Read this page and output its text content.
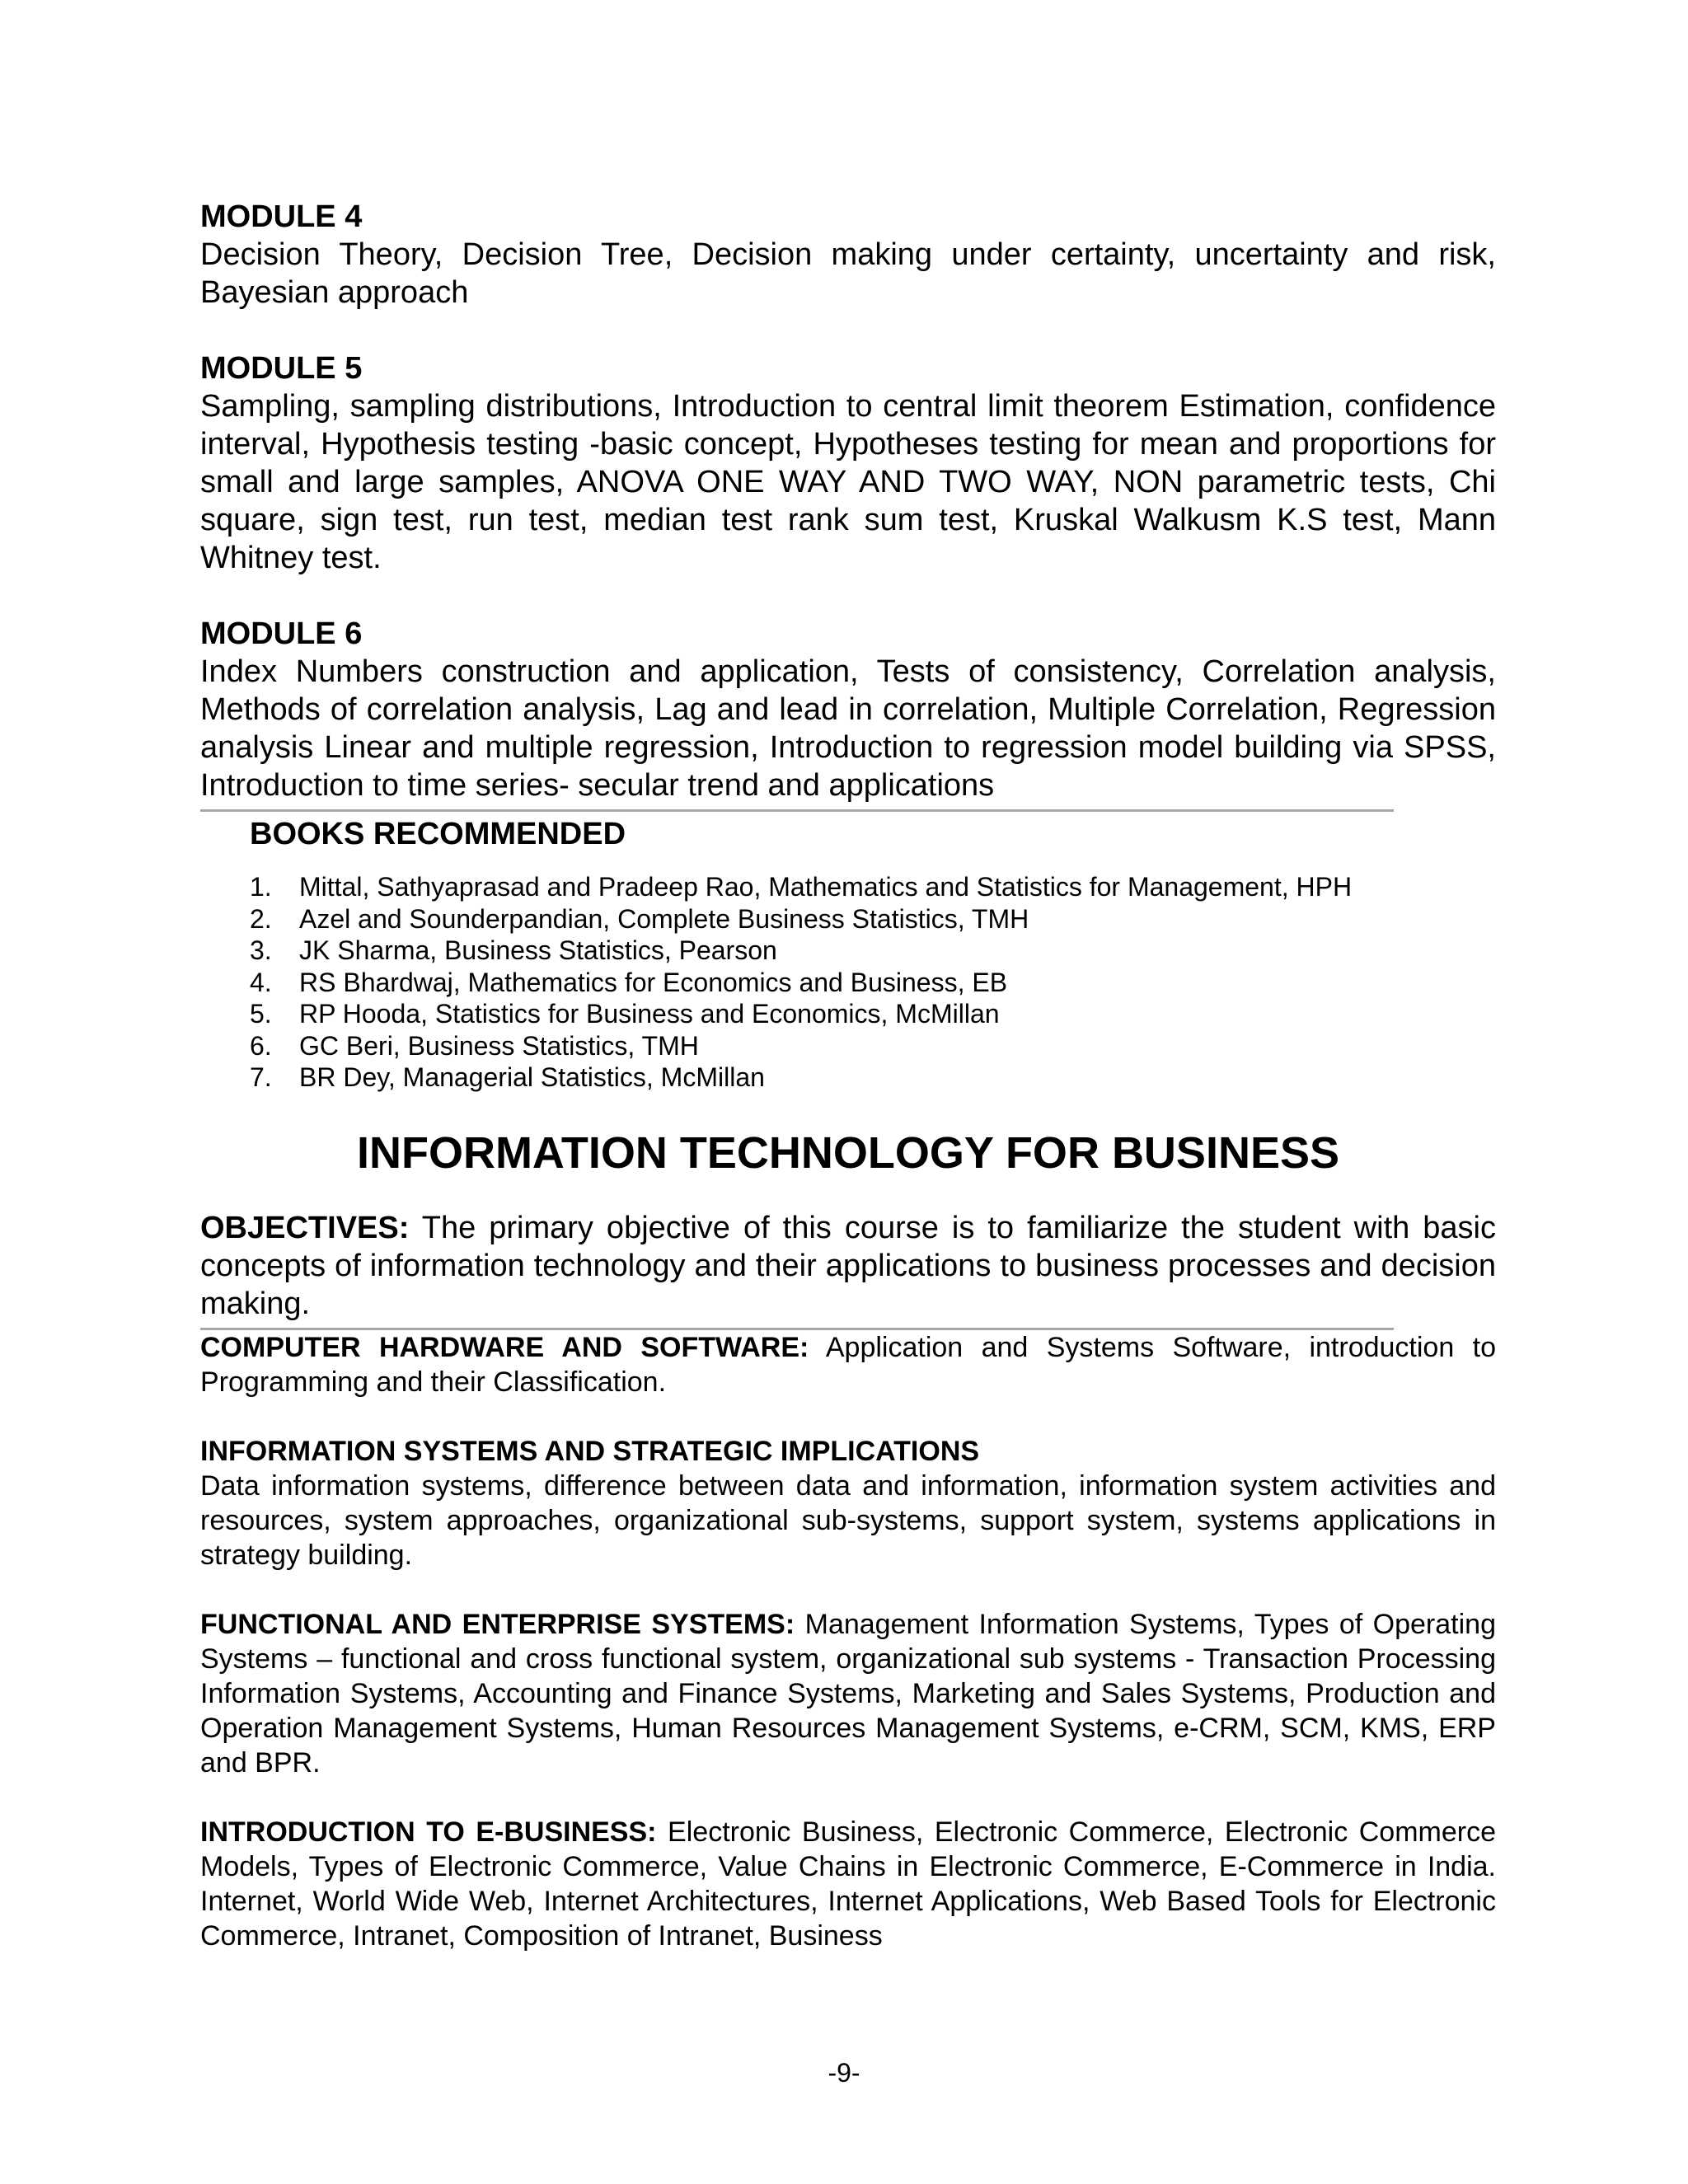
MODULE 4

Decision Theory, Decision Tree, Decision making under certainty, uncertainty and risk, Bayesian approach

MODULE 5

Sampling, sampling distributions, Introduction to central limit theorem Estimation, confidence interval, Hypothesis testing -basic concept, Hypotheses testing for mean and proportions for small and large samples, ANOVA ONE WAY AND TWO WAY, NON parametric tests, Chi square, sign test, run test, median test rank sum test, Kruskal Walkusm K.S test, Mann Whitney test.

MODULE 6

Index Numbers construction and application, Tests of consistency, Correlation analysis, Methods of correlation analysis, Lag and lead in correlation, Multiple Correlation, Regression analysis Linear and multiple regression, Introduction to regression model building via SPSS, Introduction to time series- secular trend and applications

BOOKS RECOMMENDED

1. Mittal, Sathyaprasad and Pradeep Rao, Mathematics and Statistics for Management, HPH
2. Azel and Sounderpandian, Complete Business Statistics, TMH
3. JK Sharma, Business Statistics, Pearson
4. RS Bhardwaj, Mathematics for Economics and Business, EB
5. RP Hooda, Statistics for Business and Economics, McMillan
6. GC Beri, Business Statistics, TMH
7. BR Dey, Managerial Statistics, McMillan

INFORMATION TECHNOLOGY FOR BUSINESS

OBJECTIVES: The primary objective of this course is to familiarize the student with basic concepts of information technology and their applications to business processes and decision making.

COMPUTER HARDWARE AND SOFTWARE: Application and Systems Software, introduction to Programming and their Classification.

INFORMATION SYSTEMS AND STRATEGIC IMPLICATIONS

Data information systems, difference between data and information, information system activities and resources, system approaches, organizational sub-systems, support system, systems applications in strategy building.

FUNCTIONAL AND ENTERPRISE SYSTEMS: Management Information Systems, Types of Operating Systems – functional and cross functional system, organizational sub systems - Transaction Processing Information Systems, Accounting and Finance Systems, Marketing and Sales Systems, Production and Operation Management Systems, Human Resources Management Systems, e-CRM, SCM, KMS, ERP and BPR.

INTRODUCTION TO E-BUSINESS: Electronic Business, Electronic Commerce, Electronic Commerce Models, Types of Electronic Commerce, Value Chains in Electronic Commerce, E-Commerce in India. Internet, World Wide Web, Internet Architectures, Internet Applications, Web Based Tools for Electronic Commerce, Intranet, Composition of Intranet, Business

-9-
